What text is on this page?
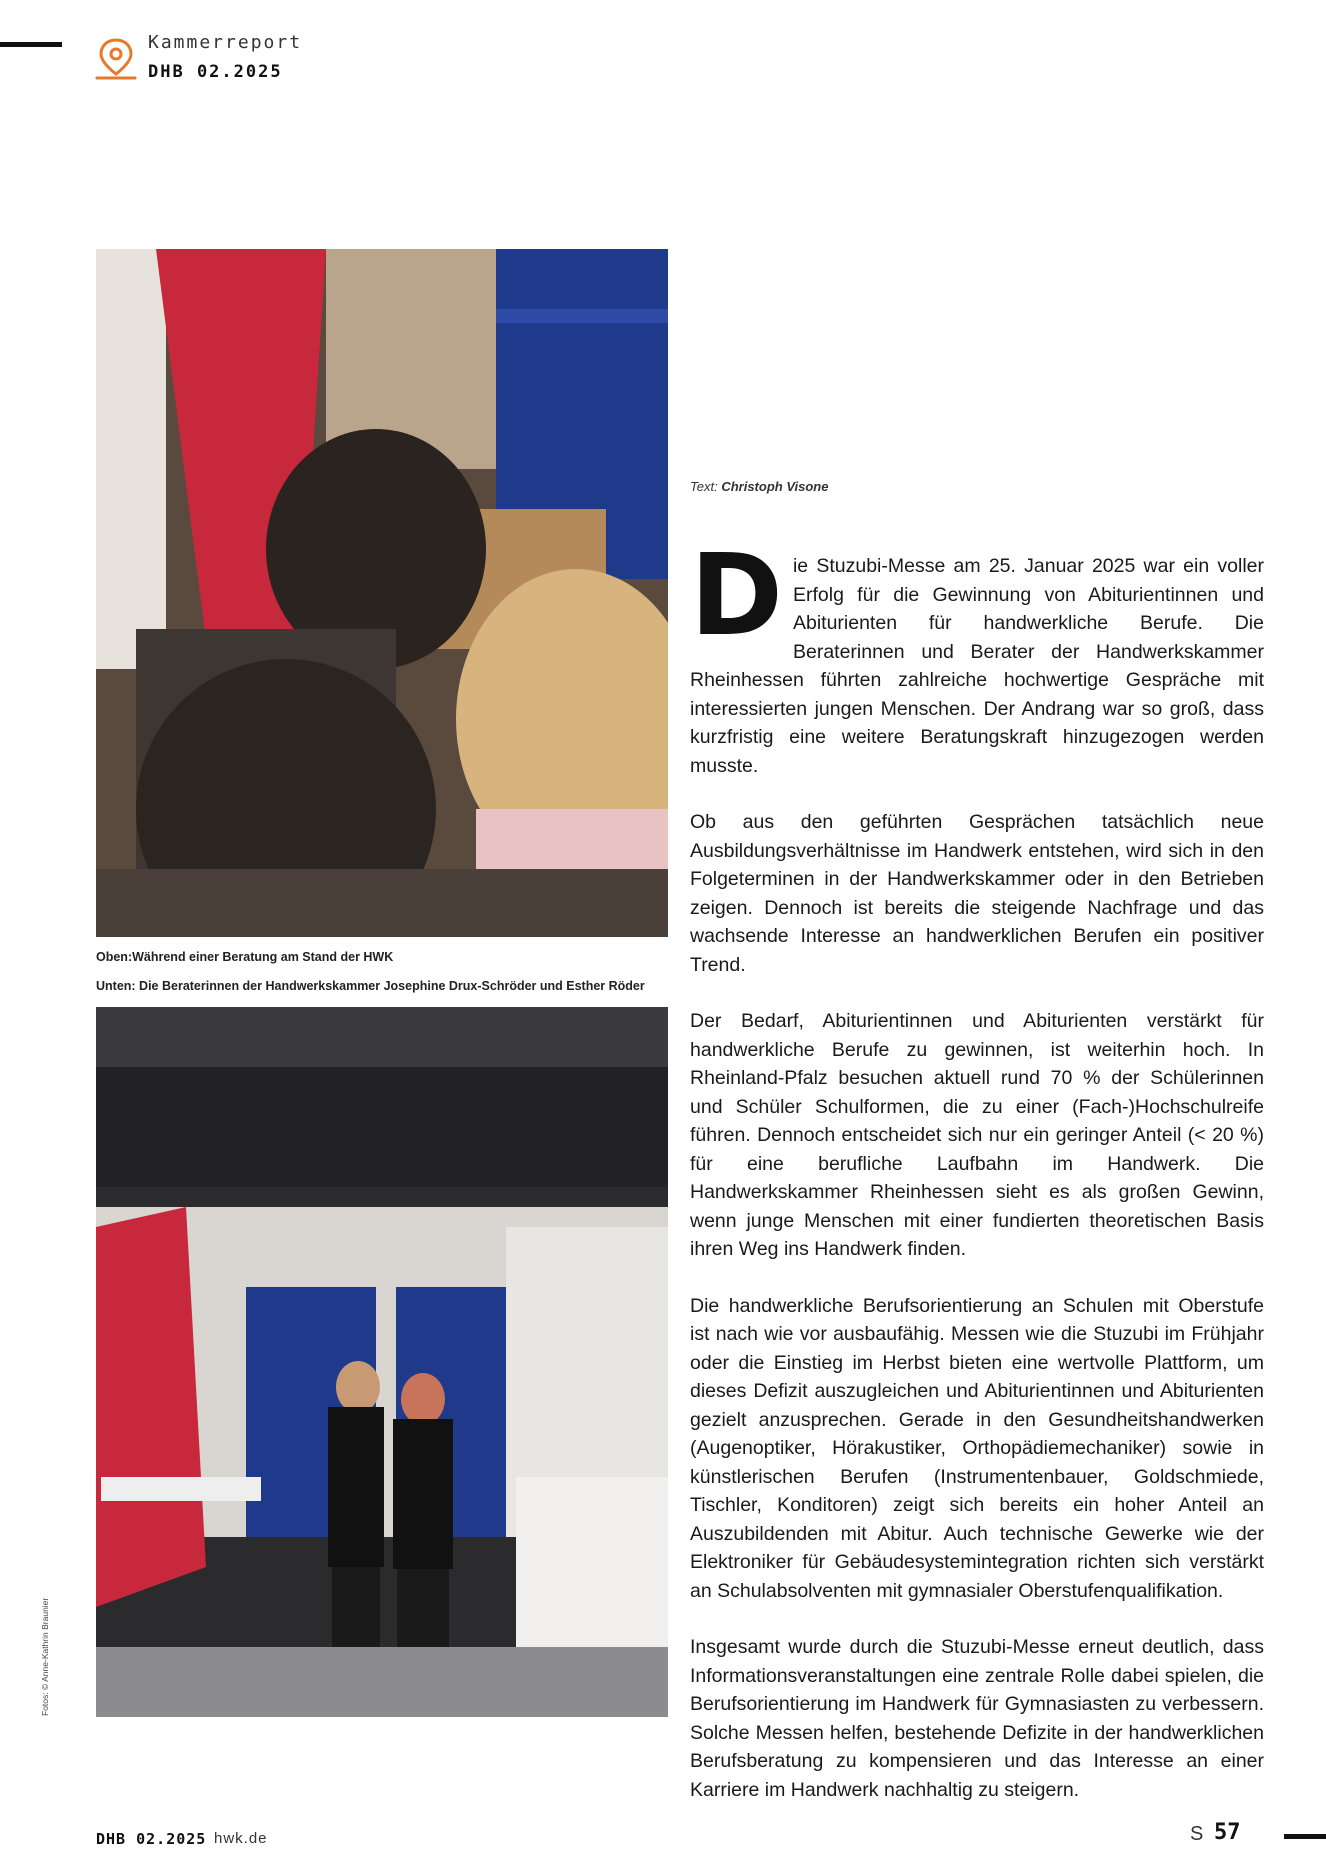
Kammerreport
DHB 02.2025
Oben:Während einer Beratung am Stand der HWK
Unten: Die Beraterinnen der Handwerkskammer Josephine Drux-Schröder und Esther Röder
Fotos: © Anne-Kathrin Braunier
Text: Christoph Visone

Die Stuzubi-Messe am 25. Januar 2025 war ein voller Erfolg für die Gewinnung von Abiturientinnen und Abiturienten für handwerkliche Berufe. Die Beraterinnen und Berater der Handwerkskammer Rheinhessen führten zahlreiche hochwertige Gespräche mit interessierten jungen Menschen. Der Andrang war so groß, dass kurzfristig eine weitere Beratungskraft hinzugezogen werden musste.

Ob aus den geführten Gesprächen tatsächlich neue Ausbildungsverhältnisse im Handwerk entstehen, wird sich in den Folgeterminen in der Handwerkskammer oder in den Betrieben zeigen. Dennoch ist bereits die steigende Nachfrage und das wachsende Interesse an handwerklichen Berufen ein positiver Trend.

Der Bedarf, Abiturientinnen und Abiturienten verstärkt für handwerkliche Berufe zu gewinnen, ist weiterhin hoch. In Rheinland-Pfalz besuchen aktuell rund 70 % der Schülerinnen und Schüler Schulformen, die zu einer (Fach-)Hochschulreife führen. Dennoch entscheidet sich nur ein geringer Anteil (< 20 %) für eine berufliche Laufbahn im Handwerk. Die Handwerkskammer Rheinhessen sieht es als großen Gewinn, wenn junge Menschen mit einer fundierten theoretischen Basis ihren Weg ins Handwerk finden.

Die handwerkliche Berufsorientierung an Schulen mit Oberstufe ist nach wie vor ausbaufähig. Messen wie die Stuzubi im Frühjahr oder die Einstieg im Herbst bieten eine wertvolle Plattform, um dieses Defizit auszugleichen und Abiturientinnen und Abiturienten gezielt anzusprechen. Gerade in den Gesundheitshandwerken (Augenoptiker, Hörakustiker, Orthopädiemechaniker) sowie in künstlerischen Berufen (Instrumentenbauer, Goldschmiede, Tischler, Konditoren) zeigt sich bereits ein hoher Anteil an Auszubildenden mit Abitur. Auch technische Gewerke wie der Elektroniker für Gebäudesystemintegration richten sich verstärkt an Schulabsolventen mit gymnasialer Oberstufenqualifikation.

Insgesamt wurde durch die Stuzubi-Messe erneut deutlich, dass Informationsveranstaltungen eine zentrale Rolle dabei spielen, die Berufsorientierung im Handwerk für Gymnasiasten zu verbessern. Solche Messen helfen, bestehende Defizite in der handwerklichen Berufsberatung zu kompensieren und das Interesse an einer Karriere im Handwerk nachhaltig zu steigern.

DHB 02.2025 hwk.de	S 57
